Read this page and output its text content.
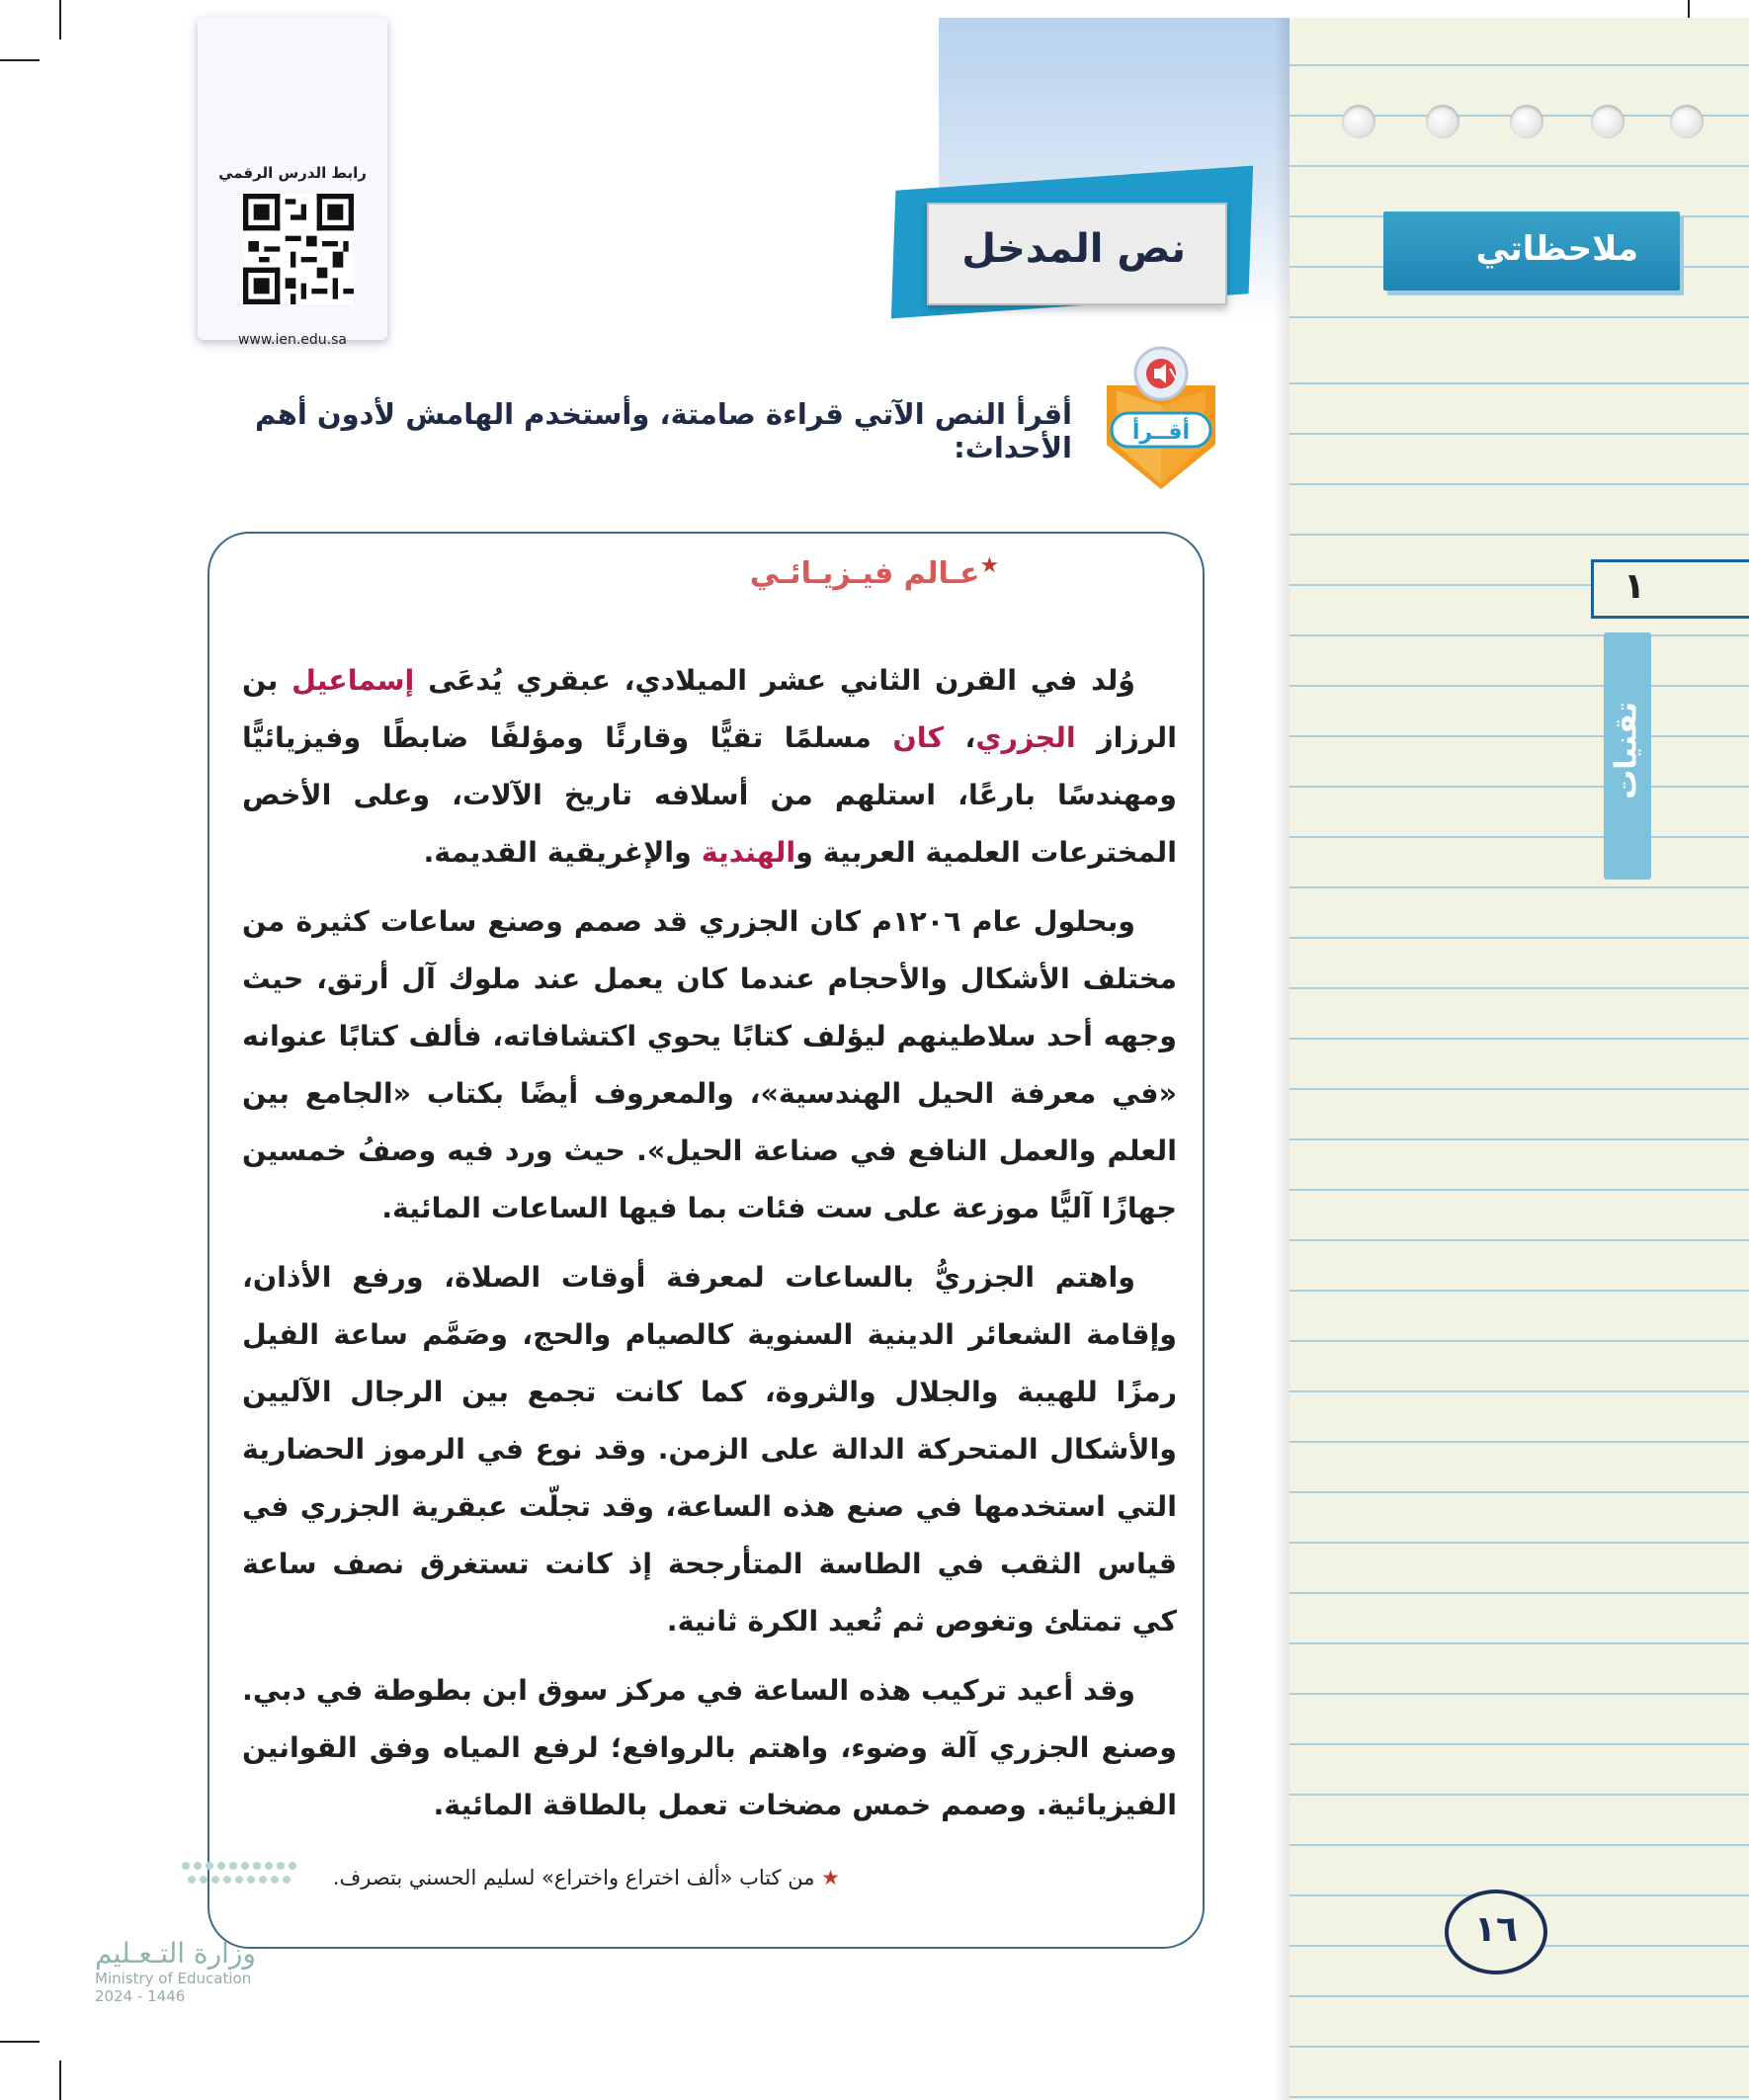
رابط الدرس الرقمي
www.ien.edu.sa
ملاحظاتي
١
تقنيات
١٦
نص المدخل
أقــرأ
أقرأ النص الآتي قراءة صامتة، وأستخدم الهامش لأدون أهم الأحداث:
عـالم فيـزيـائـي★

وُلد في القرن الثاني عشر الميلادي، عبقري يُدعَى إسماعيل بن الرزاز الجزري، كان مسلمًا تقيًّا وقارئًا ومؤلفًا ضابطًا وفيزيائيًّا ومهندسًا بارعًا، استلهم من أسلافه تاريخ الآلات، وعلى الأخص المخترعات العلمية العربية والهندية والإغريقية القديمة.

وبحلول عام ١٢٠٦م كان الجزري قد صمم وصنع ساعات كثيرة من مختلف الأشكال والأحجام عندما كان يعمل عند ملوك آل أرتق، حيث وجهه أحد سلاطينهم ليؤلف كتابًا يحوي اكتشافاته، فألف كتابًا عنوانه «في معرفة الحيل الهندسية»، والمعروف أيضًا بكتاب «الجامع بين العلم والعمل النافع في صناعة الحيل». حيث ورد فيه وصفُ خمسين جهازًا آليًّا موزعة على ست فئات بما فيها الساعات المائية.

واهتم الجزريُّ بالساعات لمعرفة أوقات الصلاة، ورفع الأذان، وإقامة الشعائر الدينية السنوية كالصيام والحج، وصَمَّم ساعة الفيل رمزًا للهيبة والجلال والثروة، كما كانت تجمع بين الرجال الآليين والأشكال المتحركة الدالة على الزمن. وقد نوع في الرموز الحضارية التي استخدمها في صنع هذه الساعة، وقد تجلّت عبقرية الجزري في قياس الثقب في الطاسة المتأرجحة إذ كانت تستغرق نصف ساعة كي تمتلئ وتغوص ثم تُعيد الكرة ثانية.

وقد أعيد تركيب هذه الساعة في مركز سوق ابن بطوطة في دبي. وصنع الجزري آلة وضوء، واهتم بالروافع؛ لرفع المياه وفق القوانين الفيزيائية. وصمم خمس مضخات تعمل بالطاقة المائية.

★ من كتاب «ألف اختراع واختراع» لسليم الحسني بتصرف.
وزارة التـعـليم
Ministry of Education
2024 - 1446
